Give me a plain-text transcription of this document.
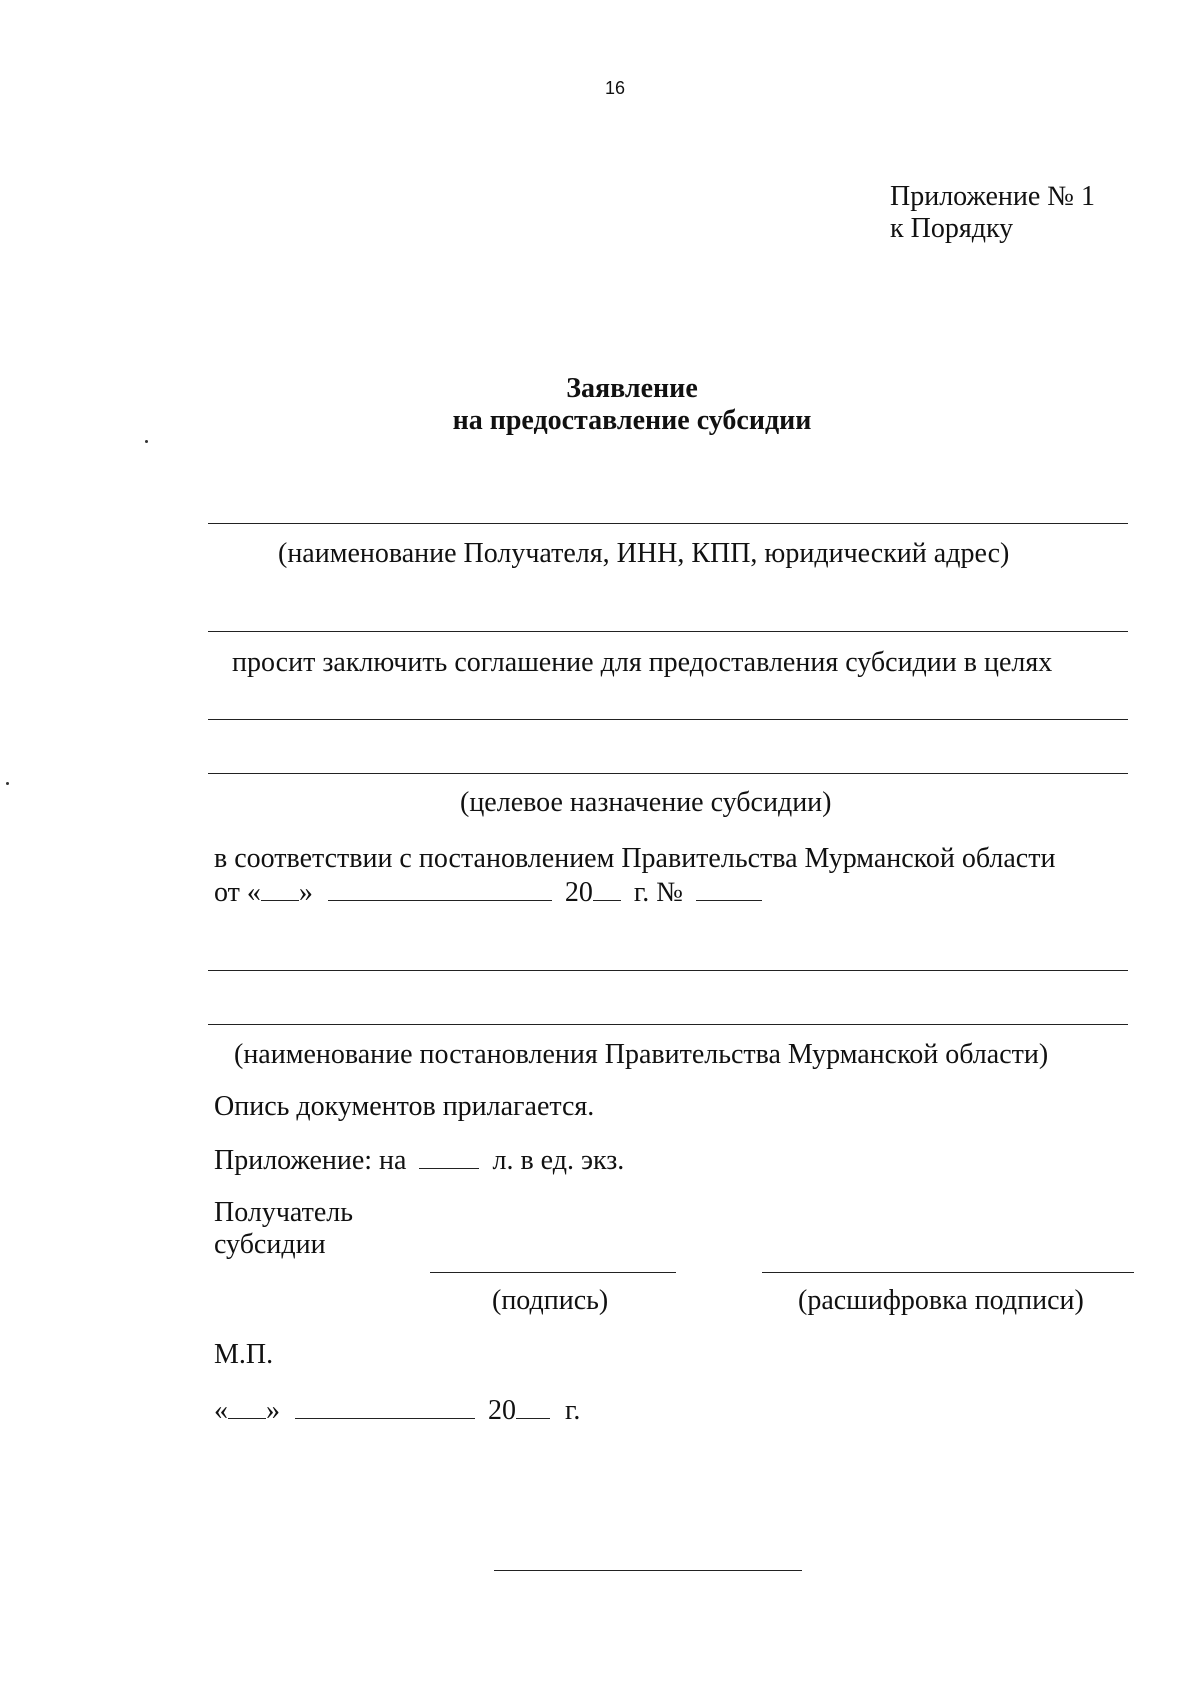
16
Приложение № 1
к Порядку
Заявление
на предоставление субсидии
(наименование Получателя, ИНН, КПП, юридический адрес)
просит заключить соглашение для предоставления субсидии в целях
(целевое назначение субсидии)
в соответствии с постановлением Правительства Мурманской области
от « »	20 г. №
(наименование постановления Правительства Мурманской области)
Опись документов прилагается.
Приложение: на	л. в ед. экз.
Получатель
субсидии
(подпись)	(расшифровка подписи)
М.П.
« »	20 г.
